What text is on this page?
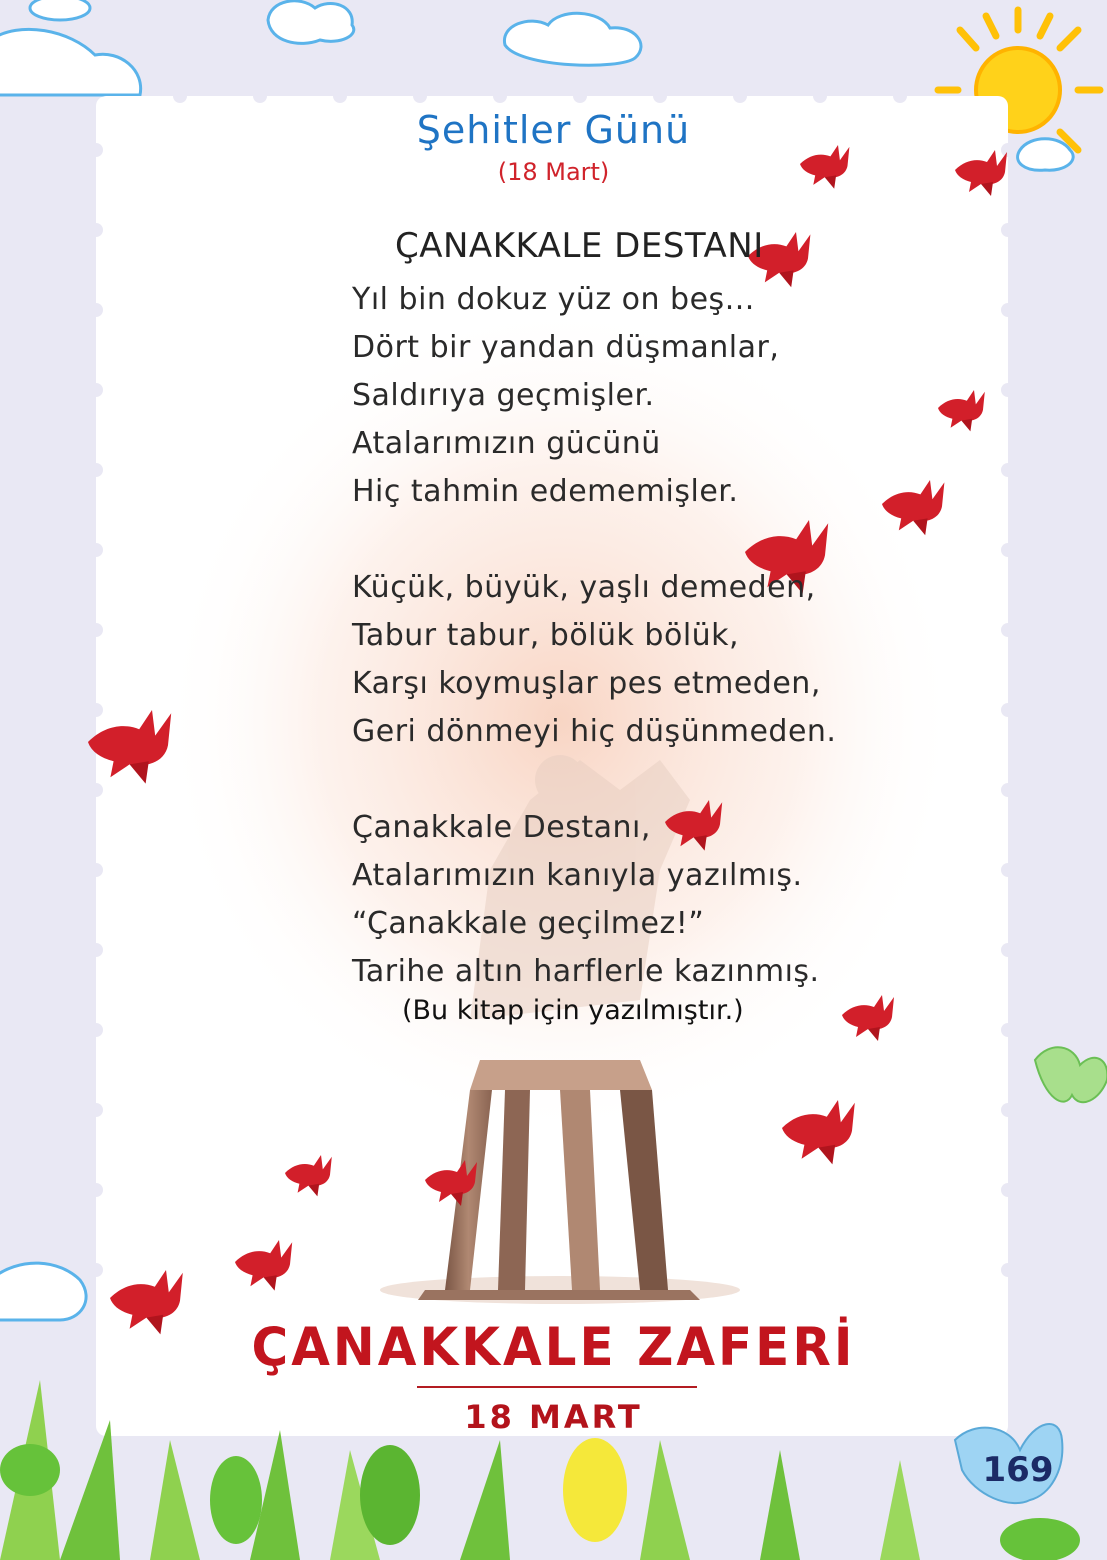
Şehitler Günü
(18 Mart)
ÇANAKKALE DESTANI
Yıl bin dokuz yüz on beş...
Dört bir yandan düşmanlar,
Saldırıya geçmişler.
Atalarımızın gücünü
Hiç tahmin edememişler.
Küçük, büyük, yaşlı demeden,
Tabur tabur, bölük bölük,
Karşı koymuşlar pes etmeden,
Geri dönmeyi hiç düşünmeden.
Çanakkale Destanı,
Atalarımızın kanıyla yazılmış.
“Çanakkale geçilmez!”
Tarihe altın harflerle kazınmış.
(Bu kitap için yazılmıştır.)
ÇANAKKALE ZAFERİ
18 MART
169
